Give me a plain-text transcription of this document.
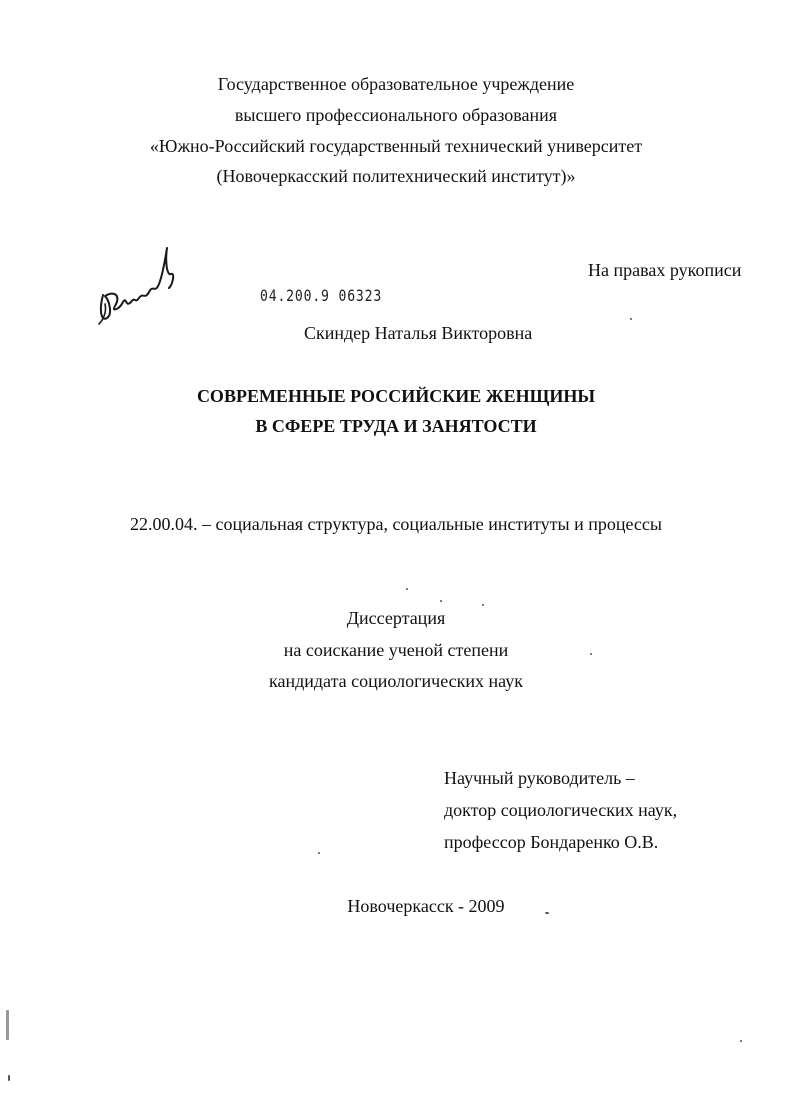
Государственное образовательное учреждение
высшего профессионального образования
«Южно-Российский государственный технический университет
(Новочеркасский политехнический институт)»
На правах рукописи
04.200.9 06323
Скиндер Наталья Викторовна
СОВРЕМЕННЫЕ РОССИЙСКИЕ ЖЕНЩИНЫ
В СФЕРЕ ТРУДА И ЗАНЯТОСТИ
22.00.04. – социальная структура, социальные институты и процессы
Диссертация
на соискание ученой степени
кандидата социологических наук
Научный руководитель –
доктор социологических наук,
профессор Бондаренко О.В.
Новочеркасск - 2009
